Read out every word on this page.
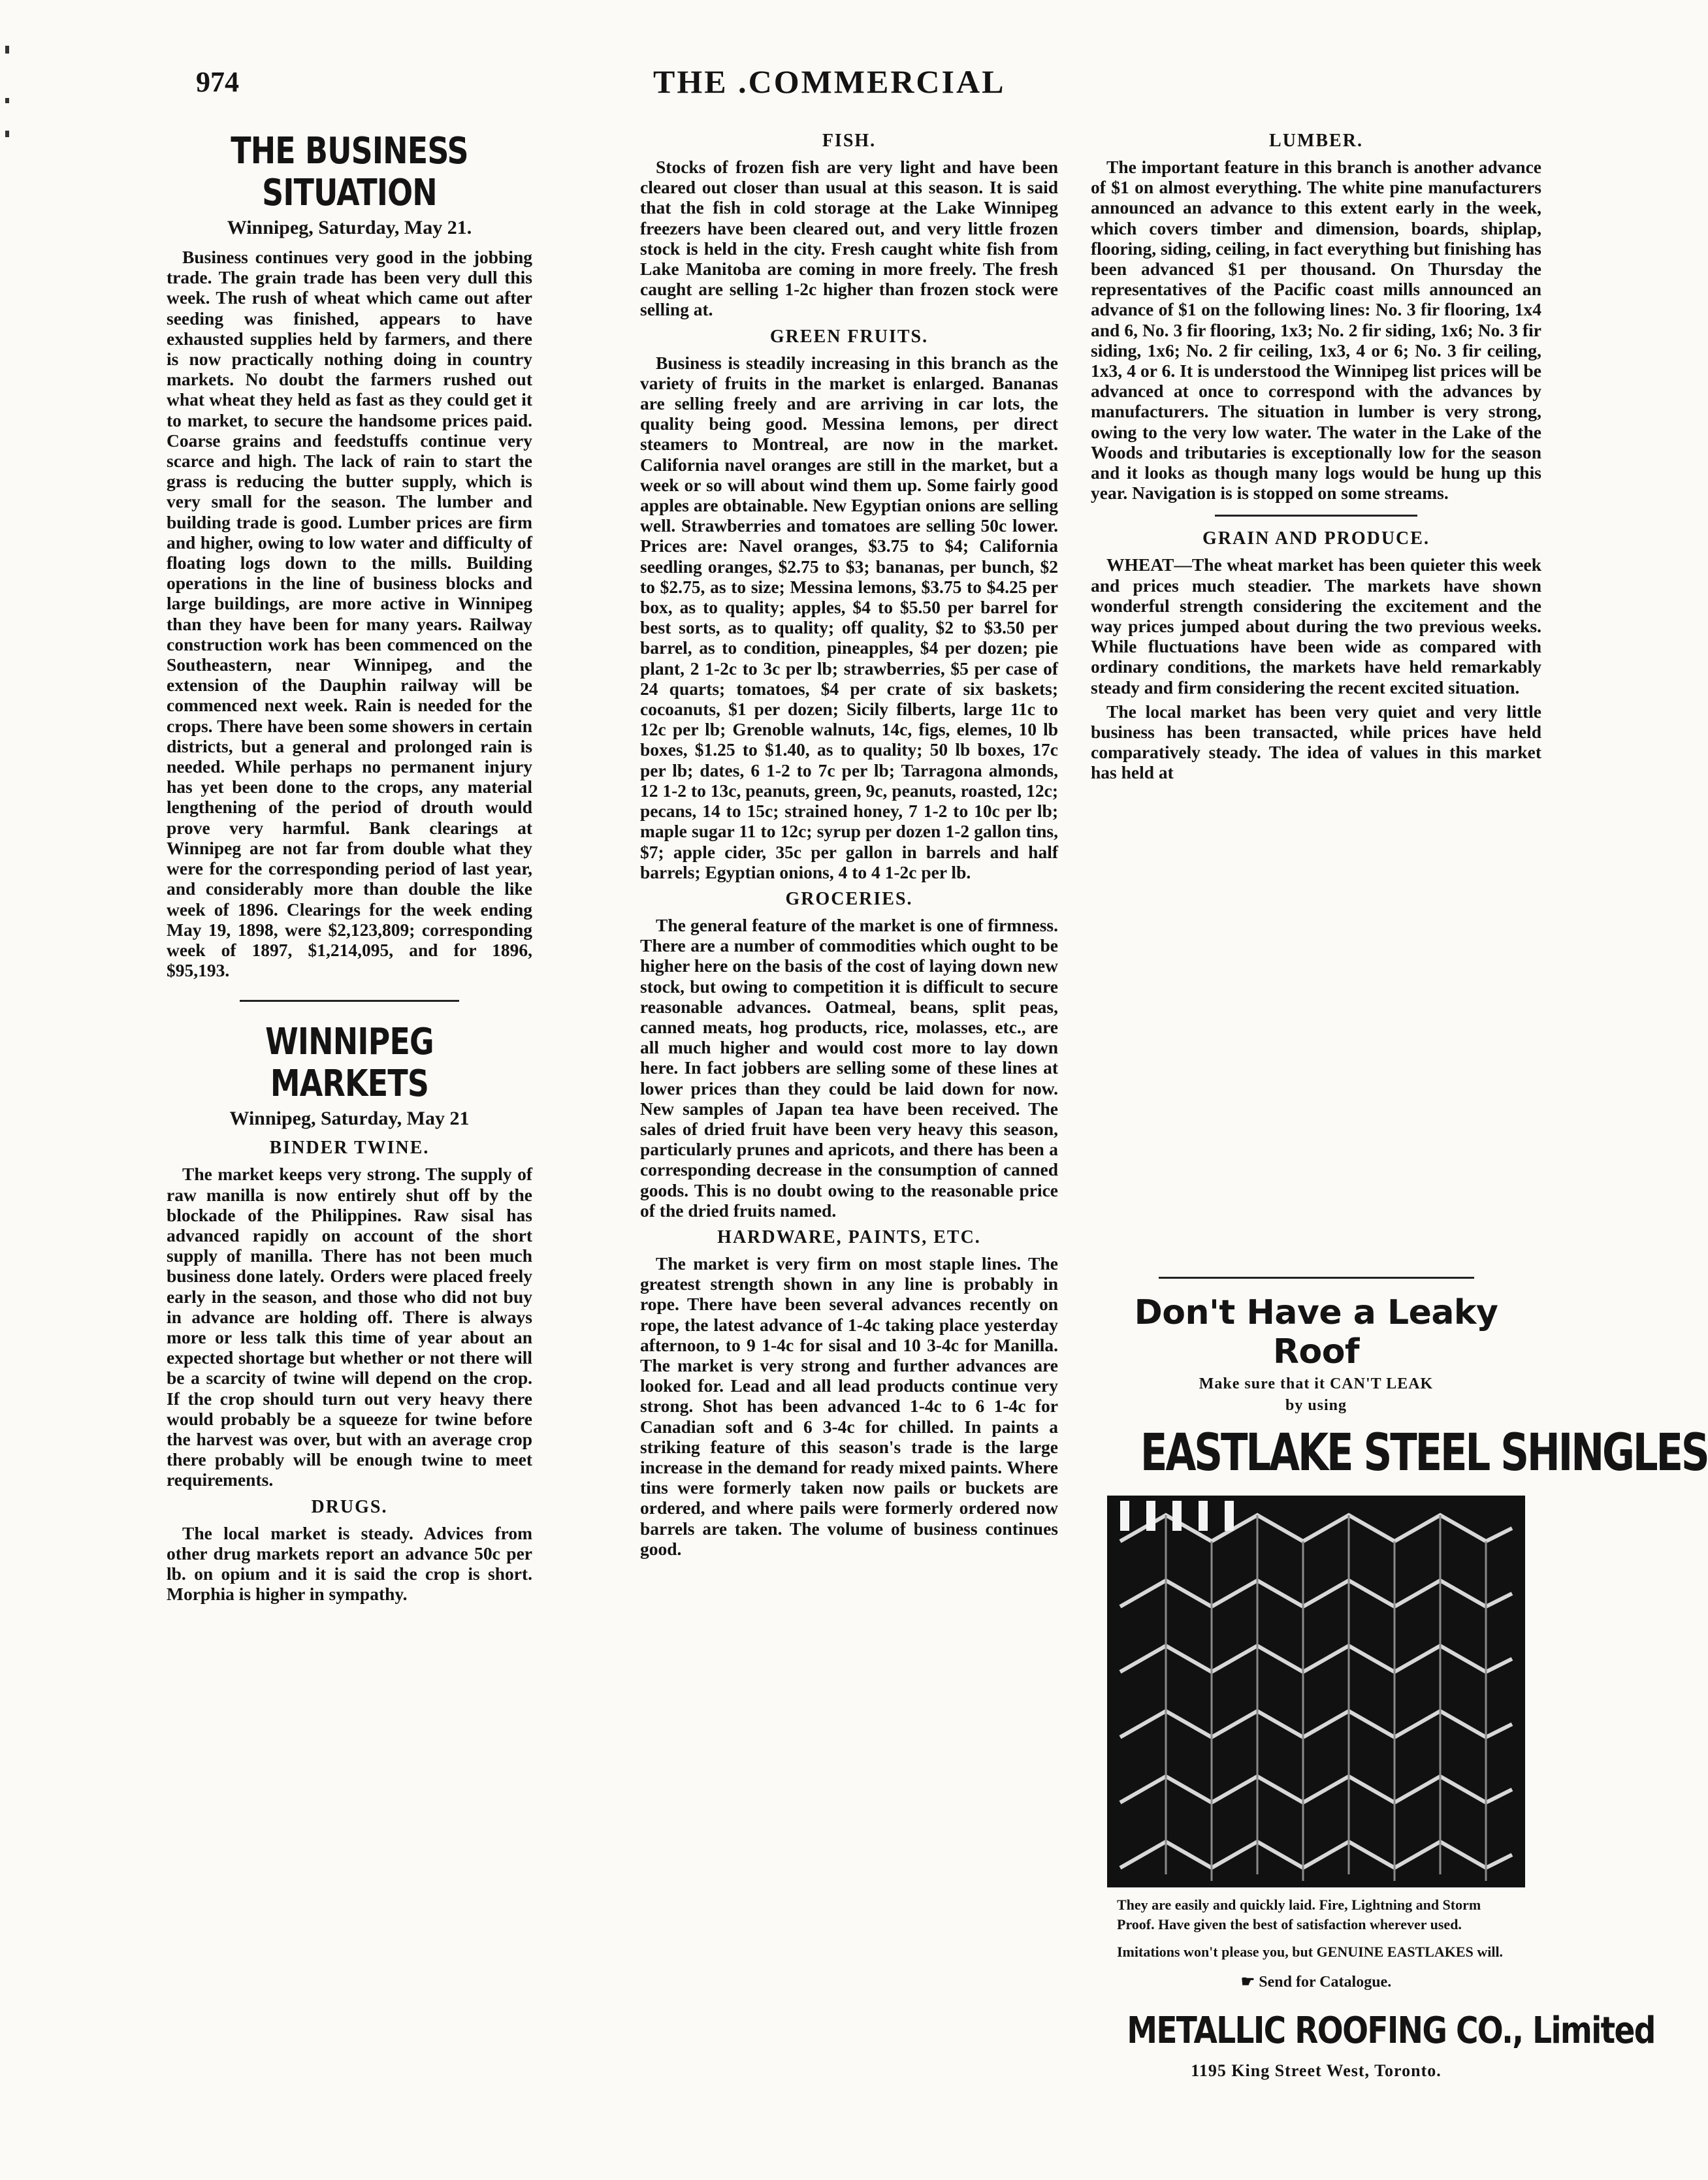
974	THE .COMMERCIAL
THE BUSINESS SITUATION
Winnipeg, Saturday, May 21.

Business continues very good in the jobbing trade. The grain trade has been very dull this week. The rush of wheat which came out after seeding was finished, appears to have exhausted supplies held by farmers, and there is now practically nothing doing in country markets. No doubt the farmers rushed out what wheat they held as fast as they could get it to market, to secure the handsome prices paid. Coarse grains and feedstuffs continue very scarce and high. The lack of rain to start the grass is reducing the butter supply, which is very small for the season. The lumber and building trade is good. Lumber prices are firm and higher, owing to low water and difficulty of floating logs down to the mills. Building operations in the line of business blocks and large buildings, are more active in Winnipeg than they have been for many years. Railway construction work has been commenced on the Southeastern, near Winnipeg, and the extension of the Dauphin railway will be commenced next week. Rain is needed for the crops. There have been some showers in certain districts, but a general and prolonged rain is needed. While perhaps no permanent injury has yet been done to the crops, any material lengthening of the period of drouth would prove very harmful. Bank clearings at Winnipeg are not far from double what they were for the corresponding period of last year, and considerably more than double the like week of 1896. Clearings for the week ending May 19, 1898, were $2,123,809; corresponding week of 1897, $1,214,095, and for 1896, $95,193.

WINNIPEG MARKETS
Winnipeg, Saturday, May 21
BINDER TWINE.

The market keeps very strong. The supply of raw manilla is now entirely shut off by the blockade of the Philippines. Raw sisal has advanced rapidly on account of the short supply of manilla. There has not been much business done lately. Orders were placed freely early in the season, and those who did not buy in advance are holding off. There is always more or less talk this time of year about an expected shortage but whether or not there will be a scarcity of twine will depend on the crop. If the crop should turn out very heavy there would probably be a squeeze for twine before the harvest was over, but with an average crop there probably will be enough twine to meet requirements.

DRUGS.

The local market is steady. Advices from other drug markets report an advance 50c per lb. on opium and it is said the crop is short. Morphia is higher in sympathy.

FISH.

Stocks of frozen fish are very light and have been cleared out closer than usual at this season. It is said that the fish in cold storage at the Lake Winnipeg freezers have been cleared out, and very little frozen stock is held in the city. Fresh caught white fish from Lake Manitoba are coming in more freely. The fresh caught are selling 1-2c higher than frozen stock were selling at.

GREEN FRUITS.

Business is steadily increasing in this branch as the variety of fruits in the market is enlarged. Bananas are selling freely and are arriving in car lots, the quality being good. Messina lemons, per direct steamers to Montreal, are now in the market. California navel oranges are still in the market, but a week or so will about wind them up. Some fairly good apples are obtainable. New Egyptian onions are selling well. Strawberries and tomatoes are selling 50c lower. Prices are: Navel oranges, $3.75 to $4; California seedling oranges, $2.75 to $3; bananas, per bunch, $2 to $2.75, as to size; Messina lemons, $3.75 to $4.25 per box, as to quality; apples, $4 to $5.50 per barrel for best sorts, as to quality; off quality, $2 to $3.50 per barrel, as to condition, pineapples, $4 per dozen; pie plant, 2 1-2c to 3c per lb; strawberries, $5 per case of 24 quarts; tomatoes, $4 per crate of six baskets; cocoanuts, $1 per dozen; Sicily filberts, large 11c to 12c per lb; Grenoble walnuts, 14c, figs, elemes, 10 lb boxes, $1.25 to $1.40, as to quality; 50 lb boxes, 17c per lb; dates, 6 1-2 to 7c per lb; Tarragona almonds, 12 1-2 to 13c, peanuts, green, 9c, peanuts, roasted, 12c; pecans, 14 to 15c; strained honey, 7 1-2 to 10c per lb; maple sugar 11 to 12c; syrup per dozen 1-2 gallon tins, $7; apple cider, 35c per gallon in barrels and half barrels; Egyptian onions, 4 to 4 1-2c per lb.

GROCERIES.

The general feature of the market is one of firmness. There are a number of commodities which ought to be higher here on the basis of the cost of laying down new stock, but owing to competition it is difficult to secure reasonable advances. Oatmeal, beans, split peas, canned meats, hog products, rice, molasses, etc., are all much higher and would cost more to lay down here. In fact jobbers are selling some of these lines at lower prices than they could be laid down for now. New samples of Japan tea have been received. The sales of dried fruit have been very heavy this season, particularly prunes and apricots, and there has been a corresponding decrease in the consumption of canned goods. This is no doubt owing to the reasonable price of the dried fruits named.

HARDWARE, PAINTS, ETC.

The market is very firm on most staple lines. The greatest strength shown in any line is probably in rope. There have been several advances recently on rope, the latest advance of 1-4c taking place yesterday afternoon, to 9 1-4c for sisal and 10 3-4c for Manilla. The market is very strong and further advances are looked for. Lead and all lead products continue very strong. Shot has been advanced 1-4c to 6 1-4c for Canadian soft and 6 3-4c for chilled. In paints a striking feature of this season's trade is the large increase in the demand for ready mixed paints. Where tins were formerly taken now pails or buckets are ordered, and where pails were formerly ordered now barrels are taken. The volume of business continues good.

LUMBER.

The important feature in this branch is another advance of $1 on almost everything. The white pine manufacturers announced an advance to this extent early in the week, which covers timber and dimension, boards, shiplap, flooring, siding, ceiling, in fact everything but finishing has been advanced $1 per thousand. On Thursday the representatives of the Pacific coast mills announced an advance of $1 on the following lines: No. 3 fir flooring, 1x4 and 6, No. 3 fir flooring, 1x3; No. 2 fir siding, 1x6; No. 3 fir siding, 1x6; No. 2 fir ceiling, 1x3, 4 or 6; No. 3 fir ceiling, 1x3, 4 or 6. It is understood the Winnipeg list prices will be advanced at once to correspond with the advances by manufacturers. The situation in lumber is very strong, owing to the very low water. The water in the Lake of the Woods and tributaries is exceptionally low for the season and it looks as though many logs would be hung up this year. Navigation is is stopped on some streams.

GRAIN AND PRODUCE.

WHEAT—The wheat market has been quieter this week and prices much steadier. The markets have shown wonderful strength considering the excitement and the way prices jumped about during the two previous weeks. While fluctuations have been wide as compared with ordinary conditions, the markets have held remarkably steady and firm considering the recent excited situation.

The local market has been very quiet and very little business has been transacted, while prices have held comparatively steady. The idea of values in this market has held at

Don't Have a Leaky Roof
Make sure that it CAN'T LEAK
by using
EASTLAKE STEEL SHINGLES
They are easily and quickly laid. Fire, Lightning and Storm Proof. Have given the best of satisfaction wherever used.
Imitations won't please you, but GENUINE EASTLAKES will.
☛ Send for Catalogue.
METALLIC ROOFING CO., Limited
1195 King Street West, Toronto.
